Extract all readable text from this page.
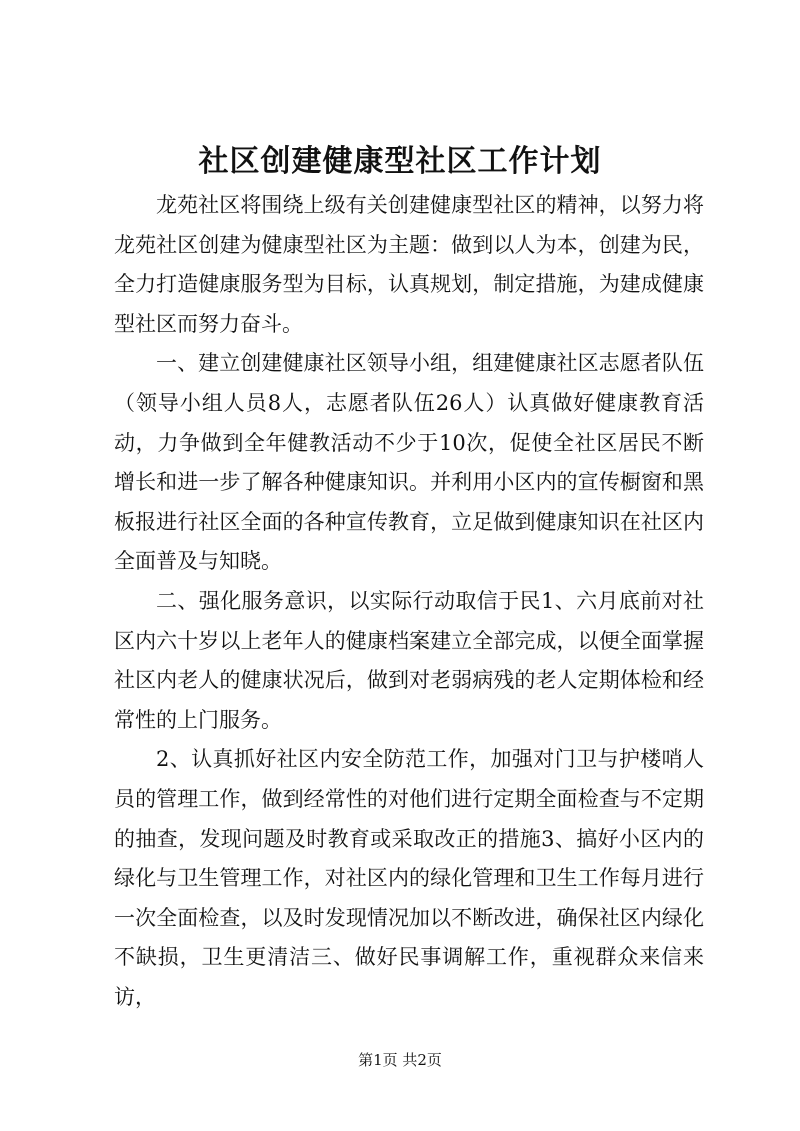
社区创建健康型社区工作计划

龙苑社区将围绕上级有关创建健康型社区的精神，以努力将龙苑社区创建为健康型社区为主题：做到以人为本，创建为民，全力打造健康服务型为目标，认真规划，制定措施，为建成健康型社区而努力奋斗。

一、建立创建健康社区领导小组，组建健康社区志愿者队伍（领导小组人员8人，志愿者队伍26人）认真做好健康教育活动，力争做到全年健教活动不少于10次，促使全社区居民不断增长和进一步了解各种健康知识。并利用小区内的宣传橱窗和黑板报进行社区全面的各种宣传教育，立足做到健康知识在社区内全面普及与知晓。

二、强化服务意识，以实际行动取信于民1、六月底前对社区内六十岁以上老年人的健康档案建立全部完成，以便全面掌握社区内老人的健康状况后，做到对老弱病残的老人定期体检和经常性的上门服务。

2、认真抓好社区内安全防范工作，加强对门卫与护楼哨人员的管理工作，做到经常性的对他们进行定期全面检查与不定期的抽查，发现问题及时教育或采取改正的措施3、搞好小区内的绿化与卫生管理工作，对社区内的绿化管理和卫生工作每月进行一次全面检查，以及时发现情况加以不断改进，确保社区内绿化不缺损，卫生更清洁三、做好民事调解工作，重视群众来信来访，

第1页 共2页
